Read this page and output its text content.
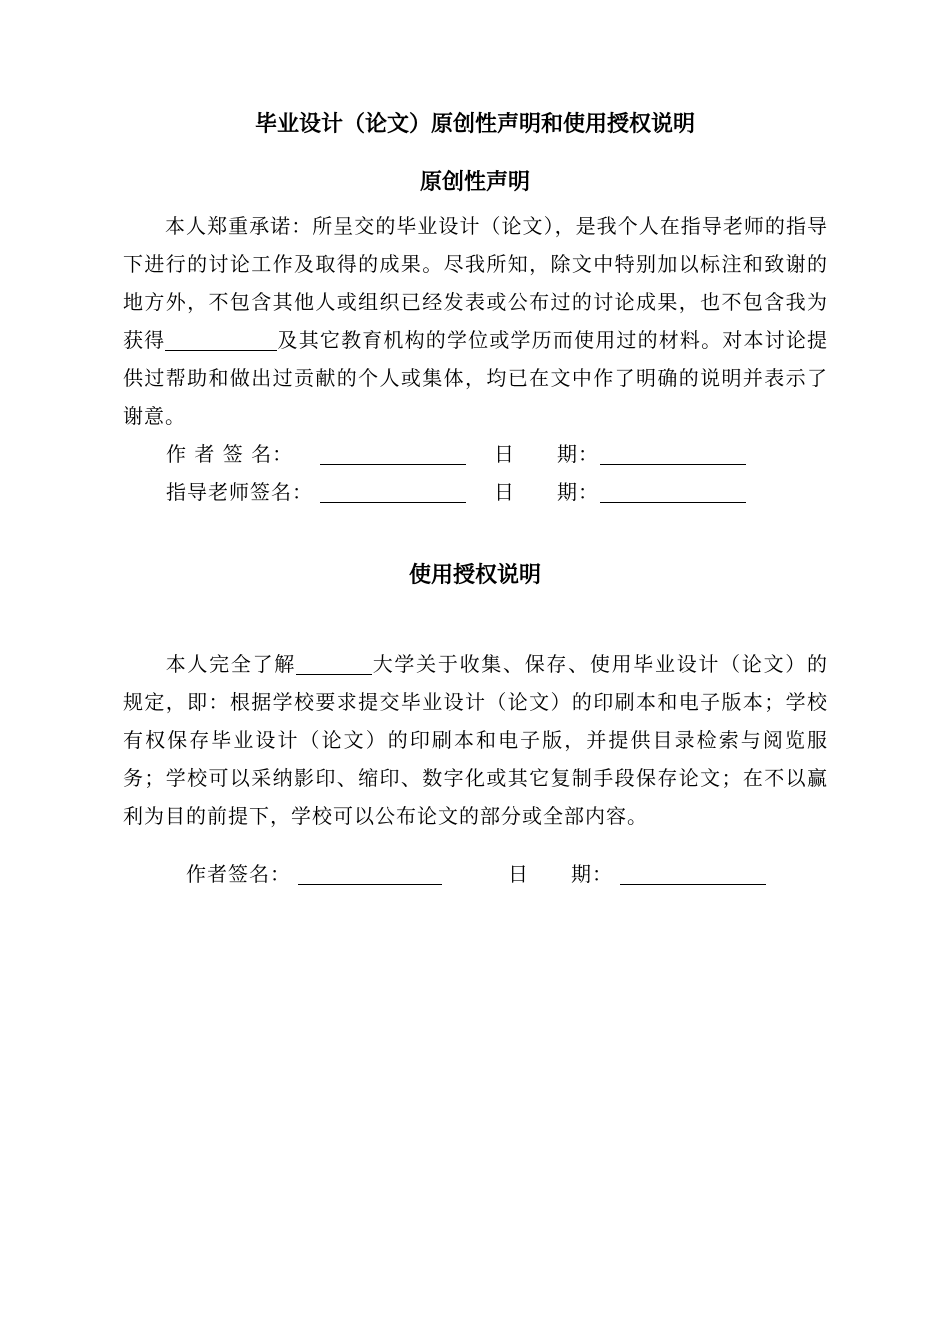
毕业设计（论文）原创性声明和使用授权说明
原创性声明

本人郑重承诺：所呈交的毕业设计（论文），是我个人在指导老师的指导下进行的讨论工作及取得的成果。尽我所知，除文中特别加以标注和致谢的地方外，不包含其他人或组织已经发表或公布过的讨论成果，也不包含我为获得	及其它教育机构的学位或学历而使用过的材料。对本讨论提供过帮助和做出过贡献的个人或集体，均已在文中作了明确的说明并表示了谢意。

作 者 签 名：	日　　期：
指导老师签名：	日　　期：
使用授权说明

本人完全了解	大学关于收集、保存、使用毕业设计（论文）的规定，即：根据学校要求提交毕业设计（论文）的印刷本和电子版本；学校有权保存毕业设计（论文）的印刷本和电子版，并提供目录检索与阅览服务；学校可以采纳影印、缩印、数字化或其它复制手段保存论文；在不以赢利为目的前提下，学校可以公布论文的部分或全部内容。

作者签名：	日　　期：
